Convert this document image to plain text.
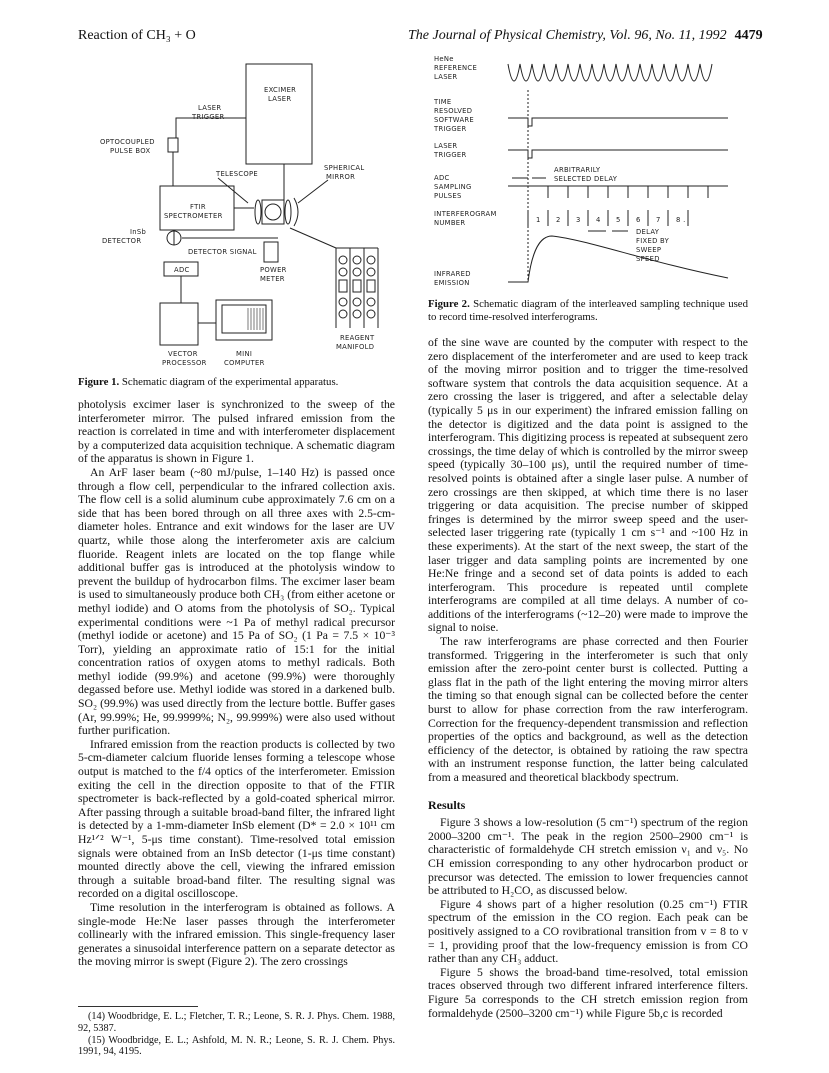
Reaction of CH₃ + O	The Journal of Physical Chemistry, Vol. 96, No. 11, 1992 4479
EXCIMER
LASER
LASER
TRIGGER
OPTOCOUPLED
PULSE BOX
TELESCOPE
SPHERICAL
MIRROR
FTIR
SPECTROMETER
InSb
DETECTOR
DETECTOR SIGNAL
ADC	POWER
METER
REAGENT
MANIFOLD
VECTOR
PROCESSOR
MINI
COMPUTER
Figure 1. Schematic diagram of the experimental apparatus.

photolysis excimer laser is synchronized to the sweep of the interferometer mirror. The pulsed infrared emission from the reaction is correlated in time and with interferometer displacement by a computerized data acquisition technique. A schematic diagram of the apparatus is shown in Figure 1.

An ArF laser beam (~80 mJ/pulse, 1–140 Hz) is passed once through a flow cell, perpendicular to the infrared collection axis. The flow cell is a solid aluminum cube approximately 7.6 cm on a side that has been bored through on all three axes with 2.5-cm-diameter holes. Entrance and exit windows for the laser are UV quartz, while those along the interferometer axis are calcium fluoride. Reagent inlets are located on the top flange while additional buffer gas is introduced at the photolysis window to prevent the buildup of hydrocarbon films. The excimer laser beam is used to simultaneously produce both CH₃ (from either acetone or methyl iodide) and O atoms from the photolysis of SO₂. Typical experimental conditions were ~1 Pa of methyl radical precursor (methyl iodide or acetone) and 15 Pa of SO₂ (1 Pa = 7.5 × 10⁻³ Torr), yielding an approximate ratio of 15:1 for the initial concentration ratios of oxygen atoms to methyl radicals. Both methyl iodide (99.9%) and acetone (99.9%) were thoroughly degassed before use. Methyl iodide was stored in a darkened bulb. SO₂ (99.9%) was used directly from the lecture bottle. Buffer gases (Ar, 99.99%; He, 99.9999%; N₂, 99.999%) were also used without further purification.

Infrared emission from the reaction products is collected by two 5-cm-diameter calcium fluoride lenses forming a telescope whose output is matched to the f/4 optics of the interferometer. Emission exiting the cell in the direction opposite to that of the FTIR spectrometer is back-reflected by a gold-coated spherical mirror. After passing through a suitable broad-band filter, the infrared light is detected by a 1-mm-diameter InSb element (D* = 2.0 × 10¹¹ cm Hz¹ᐟ² W⁻¹, 5-μs time constant). Time-resolved total emission signals were obtained from an InSb detector (1-μs time constant) mounted directly above the cell, viewing the infrared emission through a suitable broad-band filter. The resulting signal was recorded on a digital oscilloscope.

Time resolution in the interferogram is obtained as follows. A single-mode He:Ne laser passes through the interferometer collinearly with the infrared emission. This single-frequency laser generates a sinusoidal interference pattern on a separate detector as the moving mirror is swept (Figure 2). The zero crossings

(14) Woodbridge, E. L.; Fletcher, T. R.; Leone, S. R. J. Phys. Chem. 1988, 92, 5387.

(15) Woodbridge, E. L.; Ashfold, M. N. R.; Leone, S. R. J. Chem. Phys. 1991, 94, 4195.

HeNe
REFERENCE
LASER
TIME
RESOLVED
SOFTWARE
TRIGGER
LASER
TRIGGER
ADC
SAMPLING
PULSES
ARBITRARILY
SELECTED DELAY
INTERFEROGRAM
NUMBER	1 2 3 4 5 6 7 8 .
DELAY
FIXED BY
SWEEP
SPEED
INFRARED
EMISSION
Figure 2. Schematic diagram of the interleaved sampling technique used to record time-resolved interferograms.

of the sine wave are counted by the computer with respect to the zero displacement of the interferometer and are used to keep track of the moving mirror position and to trigger the time-resolved software system that controls the data acquisition sequence. At a zero crossing the laser is triggered, and after a selectable delay (typically 5 μs in our experiment) the infrared emission falling on the detector is digitized and the data point is assigned to the interferogram. This digitizing process is repeated at subsequent zero crossings, the time delay of which is controlled by the mirror sweep speed (typically 30–100 μs), until the required number of time-resolved points is obtained after a single laser pulse. A number of zero crossings are then skipped, at which time there is no laser triggering or data acquisition. The precise number of skipped fringes is determined by the mirror sweep speed and the user-selected laser triggering rate (typically 1 cm s⁻¹ and ~100 Hz in these experiments). At the start of the next sweep, the start of the laser trigger and data sampling points are incremented by one He:Ne fringe and a second set of data points is added to each interferogram. This procedure is repeated until complete interferograms are compiled at all time delays. A number of co-additions of the interferograms (~12–20) were made to improve the signal to noise.

The raw interferograms are phase corrected and then Fourier transformed. Triggering in the interferometer is such that only emission after the zero-point center burst is collected. Putting a glass flat in the path of the light entering the moving mirror alters the timing so that enough signal can be collected before the center burst to allow for phase correction from the raw interferogram. Correction for the frequency-dependent transmission and reflection properties of the optics and background, as well as the detection efficiency of the detector, is obtained by ratioing the raw spectra with an instrument response function, the latter being calculated from a measured and theoretical blackbody spectrum.

Results

Figure 3 shows a low-resolution (5 cm⁻¹) spectrum of the region 2000–3200 cm⁻¹. The peak in the region 2500–2900 cm⁻¹ is characteristic of formaldehyde CH stretch emission ν₁ and ν₅. No CH emission corresponding to any other hydrocarbon product or precursor was detected. The emission to lower frequencies cannot be attributed to H₂CO, as discussed below.

Figure 4 shows part of a higher resolution (0.25 cm⁻¹) FTIR spectrum of the emission in the CO region. Each peak can be positively assigned to a CO rovibrational transition from v = 8 to v = 1, providing proof that the low-frequency emission is from CO rather than any CH₃ adduct.

Figure 5 shows the broad-band time-resolved, total emission traces observed through two different infrared interference filters. Figure 5a corresponds to the CH stretch emission region from formaldehyde (2500–3200 cm⁻¹) while Figure 5b,c is recorded
